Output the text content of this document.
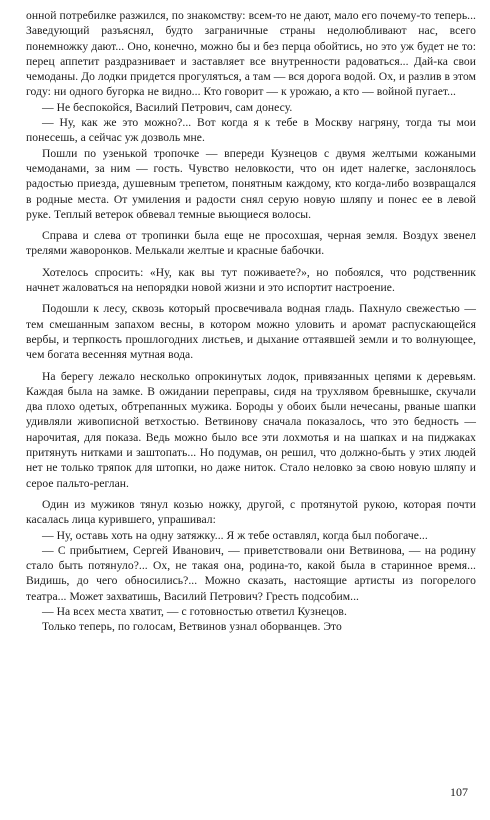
онной потребилке разжился, по знакомству: всем-то не дают, мало его почему-то теперь... Заведующий разъяснял, будто заграничные страны недолюбливают нас, всего понемножку дают... Оно, конечно, можно бы и без перца обойтись, но это уж будет не то: перец аппетит раздразнивает и заставляет все внутренности радоваться... Дай-ка свои чемоданы. До лодки придется прогуляться, а там — вся дорога водой. Ох, и разлив в этом году: ни одного бугорка не видно... Кто говорит — к урожаю, а кто — войной пугает...

— Не беспокойся, Василий Петрович, сам донесу.

— Ну, как же это можно?... Вот когда я к тебе в Москву нагряну, тогда ты мои понесешь, а сейчас уж дозволь мне.

Пошли по узенькой тропочке — впереди Кузнецов с двумя желтыми кожаными чемоданами, за ним — гость. Чувство неловкости, что он идет налегке, заслонялось радостью приезда, душевным трепетом, понятным каждому, кто когда-либо возвращался в родные места. От умиления и радости снял серую новую шляпу и понес ее в левой руке. Теплый ветерок обвевал темные вьющиеся волосы.

Справа и слева от тропинки была еще не просохшая, черная земля. Воздух звенел трелями жаворонков. Мелькали желтые и красные бабочки.

Хотелось спросить: «Ну, как вы тут поживаете?», но побоялся, что родственник начнет жаловаться на непорядки новой жизни и это испортит настроение.

Подошли к лесу, сквозь который просвечивала водная гладь. Пахнуло свежестью — тем смешанным запахом весны, в котором можно уловить и аромат распускающейся вербы, и терпкость прошлогодних листьев, и дыхание оттаявшей земли и то волнующее, чем богата весенняя мутная вода.

На берегу лежало несколько опрокинутых лодок, привязанных цепями к деревьям. Каждая была на замке. В ожидании переправы, сидя на трухлявом бревнышке, скучали два плохо одетых, обтрепанных мужика. Бороды у обоих были нечесаны, рваные шапки удивляли живописной ветхостью. Ветвинову сначала показалось, что это бедность — нарочитая, для показа. Ведь можно было все эти лохмотья и на шапках и на пиджаках притянуть нитками и заштопать... Но подумав, он решил, что должно-быть у этих людей нет не только тряпок для штопки, но даже ниток. Стало неловко за свою новую шляпу и серое пальто-реглан.

Один из мужиков тянул козью ножку, другой, с протянутой рукою, которая почти касалась лица курившего, упрашивал:

— Ну, оставь хоть на одну затяжку... Я ж тебе оставлял, когда был побогаче...

— С прибытием, Сергей Иванович, — приветствовали они Ветвинова, — на родину стало быть потянуло?... Ох, не такая она, родина-то, какой была в старинное время... Видишь, до чего обносились?... Можно сказать, настоящие артисты из погорелого театра... Может захватишь, Василий Петрович? Гресть подсобим...

— На всех места хватит, — с готовностью ответил Кузнецов.

Только теперь, по голосам, Ветвинов узнал оборванцев. Это

107
